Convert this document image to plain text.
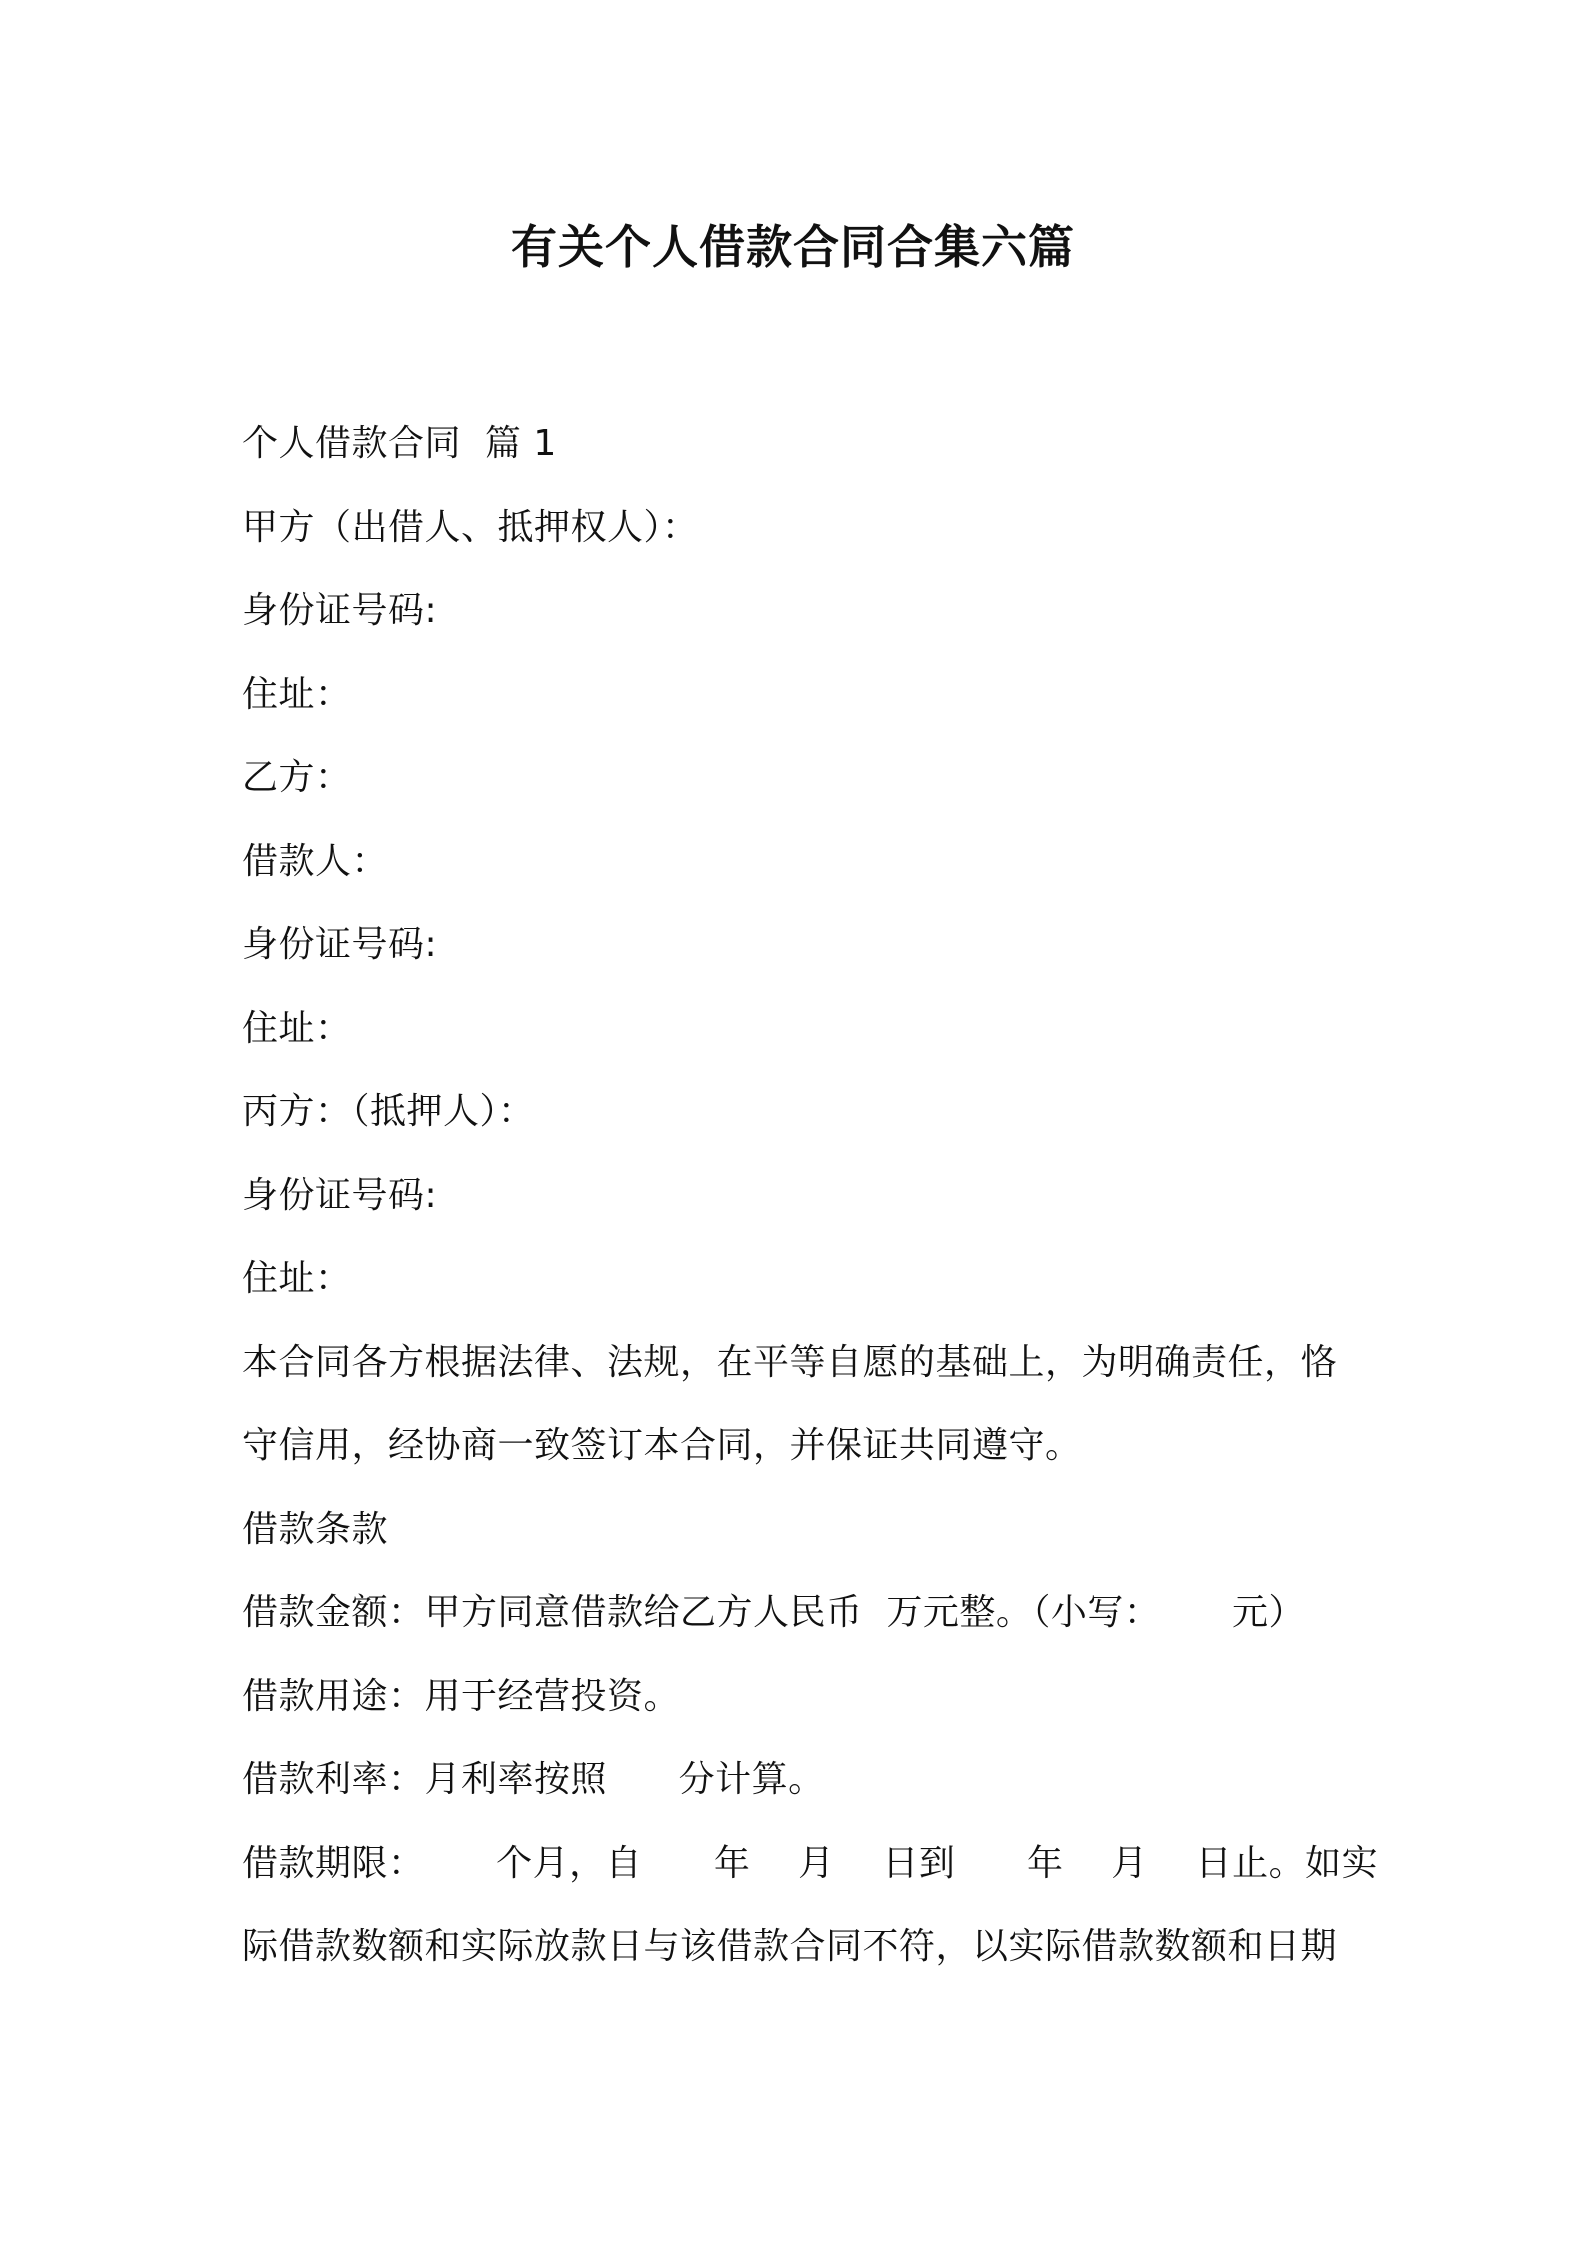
有关个人借款合同合集六篇
个人借款合同  篇 1
甲方（出借人、抵押权人）：
身份证号码:
住址：
乙方：
借款人：
身份证号码:
住址：
丙方：（抵押人）：
身份证号码:
住址：
本合同各方根据法律、法规，在平等自愿的基础上，为明确责任，恪
守信用，经协商一致签订本合同，并保证共同遵守。
借款条款
借款金额：甲方同意借款给乙方人民币  万元整。（小写：      元）
借款用途：用于经营投资。
借款利率：月利率按照      分计算。
借款期限：      个月，自      年    月    日到      年    月    日止。如实
际借款数额和实际放款日与该借款合同不符，以实际借款数额和日期
